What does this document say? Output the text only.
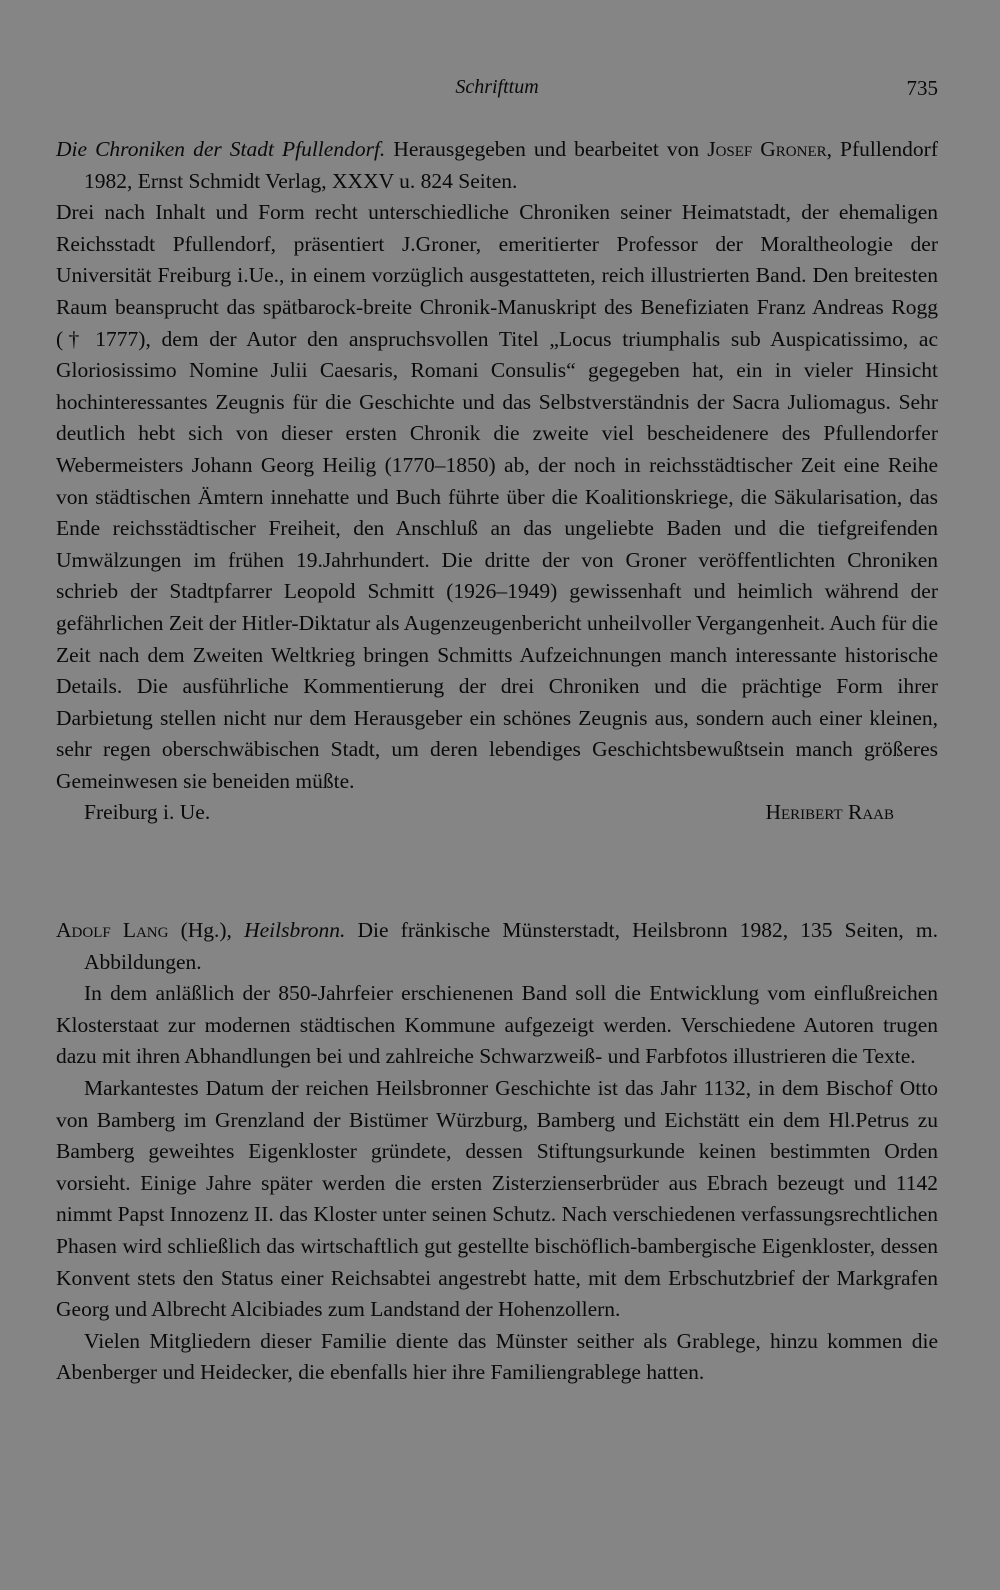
Schrifttum	735

Die Chroniken der Stadt Pfullendorf. Herausgegeben und bearbeitet von Josef Groner, Pfullendorf 1982, Ernst Schmidt Verlag, XXXV u. 824 Seiten.

Drei nach Inhalt und Form recht unterschiedliche Chroniken seiner Heimatstadt, der ehemaligen Reichsstadt Pfullendorf, präsentiert J.Groner, emeritierter Professor der Moraltheologie der Universität Freiburg i.Ue., in einem vorzüglich ausgestatteten, reich illustrierten Band. Den breitesten Raum beansprucht das spätbarock-breite Chronik-Manuskript des Benefiziaten Franz Andreas Rogg († 1777), dem der Autor den anspruchsvollen Titel „Locus triumphalis sub Auspicatissimo, ac Gloriosissimo Nomine Julii Caesaris, Romani Consulis“ gegegeben hat, ein in vieler Hinsicht hochinteressantes Zeugnis für die Geschichte und das Selbstverständnis der Sacra Juliomagus. Sehr deutlich hebt sich von dieser ersten Chronik die zweite viel bescheidenere des Pfullendorfer Webermeisters Johann Georg Heilig (1770–1850) ab, der noch in reichsstädtischer Zeit eine Reihe von städtischen Ämtern innehatte und Buch führte über die Koalitionskriege, die Säkularisation, das Ende reichsstädtischer Freiheit, den Anschluß an das ungeliebte Baden und die tiefgreifenden Umwälzungen im frühen 19.Jahrhundert. Die dritte der von Groner veröffentlichten Chroniken schrieb der Stadtpfarrer Leopold Schmitt (1926–1949) gewissenhaft und heimlich während der gefährlichen Zeit der Hitler-Diktatur als Augenzeugenbericht unheilvoller Vergangenheit. Auch für die Zeit nach dem Zweiten Weltkrieg bringen Schmitts Aufzeichnungen manch interessante historische Details. Die ausführliche Kommentierung der drei Chroniken und die prächtige Form ihrer Darbietung stellen nicht nur dem Herausgeber ein schönes Zeugnis aus, sondern auch einer kleinen, sehr regen oberschwäbischen Stadt, um deren lebendiges Geschichtsbewußtsein manch größeres Gemeinwesen sie beneiden müßte.

Freiburg i. Ue.	Heribert Raab

Adolf Lang (Hg.), Heilsbronn. Die fränkische Münsterstadt, Heilsbronn 1982, 135 Seiten, m. Abbildungen.

In dem anläßlich der 850-Jahrfeier erschienenen Band soll die Entwicklung vom einflußreichen Klosterstaat zur modernen städtischen Kommune aufgezeigt werden. Verschiedene Autoren trugen dazu mit ihren Abhandlungen bei und zahlreiche Schwarzweiß- und Farbfotos illustrieren die Texte.

Markantestes Datum der reichen Heilsbronner Geschichte ist das Jahr 1132, in dem Bischof Otto von Bamberg im Grenzland der Bistümer Würzburg, Bamberg und Eichstätt ein dem Hl.Petrus zu Bamberg geweihtes Eigenkloster gründete, dessen Stiftungsurkunde keinen bestimmten Orden vorsieht. Einige Jahre später werden die ersten Zisterzienserbrüder aus Ebrach bezeugt und 1142 nimmt Papst Innozenz II. das Kloster unter seinen Schutz. Nach verschiedenen verfassungsrechtlichen Phasen wird schließlich das wirtschaftlich gut gestellte bischöflich-bambergische Eigenkloster, dessen Konvent stets den Status einer Reichsabtei angestrebt hatte, mit dem Erbschutzbrief der Markgrafen Georg und Albrecht Alcibiades zum Landstand der Hohenzollern.

Vielen Mitgliedern dieser Familie diente das Münster seither als Grablege, hinzu kommen die Abenberger und Heidecker, die ebenfalls hier ihre Familiengrablege hatten.
